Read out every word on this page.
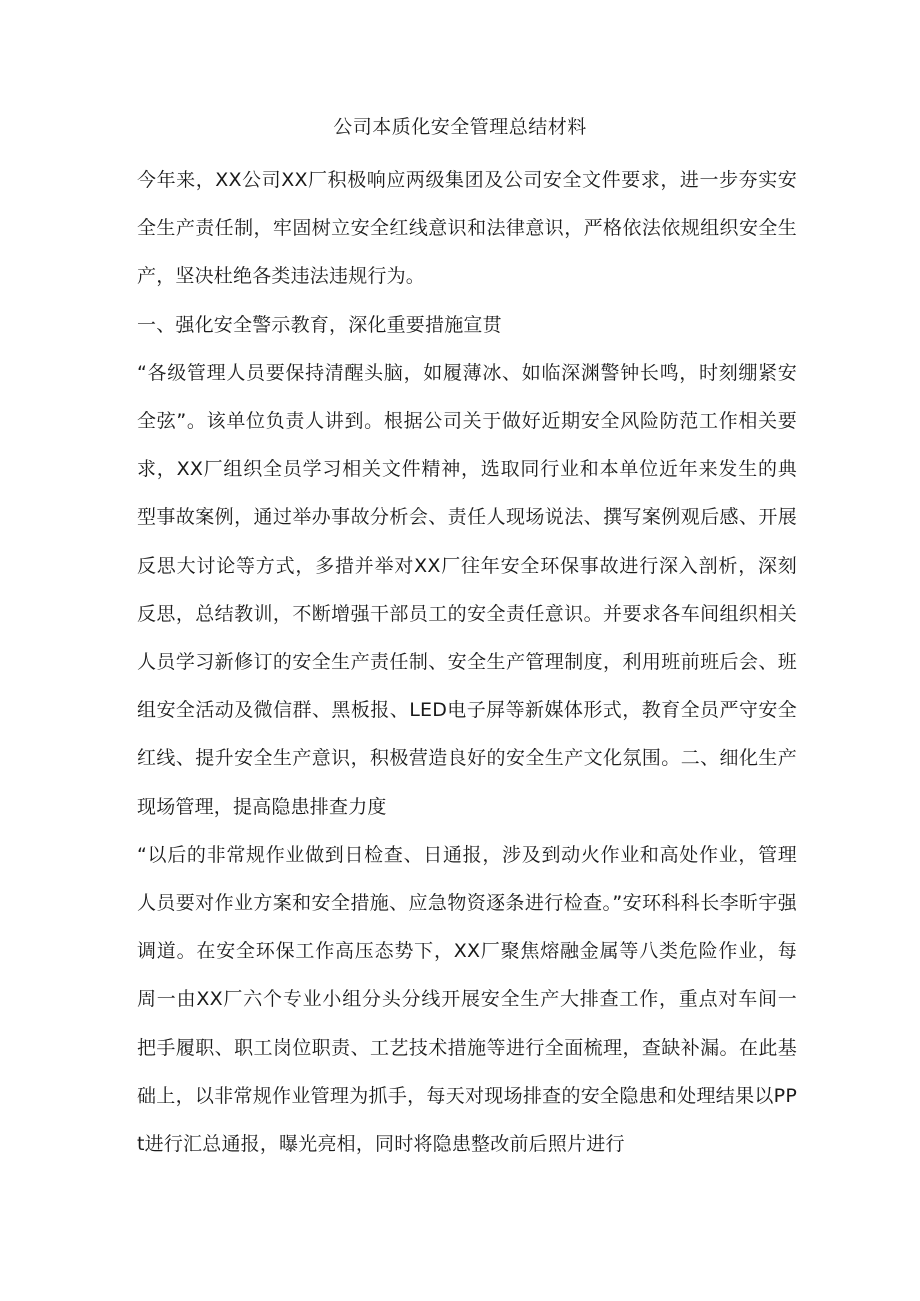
公司本质化安全管理总结材料

今年来，XX公司XX厂积极响应两级集团及公司安全文件要求，进一步夯实安全生产责任制，牢固树立安全红线意识和法律意识，严格依法依规组织安全生产，坚决杜绝各类违法违规行为。

一、强化安全警示教育，深化重要措施宣贯

“各级管理人员要保持清醒头脑，如履薄冰、如临深渊警钟长鸣，时刻绷紧安全弦”。该单位负责人讲到。根据公司关于做好近期安全风险防范工作相关要求，XX厂组织全员学习相关文件精神，选取同行业和本单位近年来发生的典型事故案例，通过举办事故分析会、责任人现场说法、撰写案例观后感、开展反思大讨论等方式，多措并举对XX厂往年安全环保事故进行深入剖析，深刻反思，总结教训，不断增强干部员工的安全责任意识。并要求各车间组织相关人员学习新修订的安全生产责任制、安全生产管理制度，利用班前班后会、班组安全活动及微信群、黑板报、LED电子屏等新媒体形式，教育全员严守安全红线、提升安全生产意识，积极营造良好的安全生产文化氛围。二、细化生产现场管理，提高隐患排查力度

“以后的非常规作业做到日检查、日通报，涉及到动火作业和高处作业，管理人员要对作业方案和安全措施、应急物资逐条进行检查。”安环科科长李昕宇强调道。在安全环保工作高压态势下，XX厂聚焦熔融金属等八类危险作业，每周一由XX厂六个专业小组分头分线开展安全生产大排查工作，重点对车间一把手履职、职工岗位职责、工艺技术措施等进行全面梳理，查缺补漏。在此基础上，以非常规作业管理为抓手，每天对现场排查的安全隐患和处理结果以PPt进行汇总通报，曝光亮相，同时将隐患整改前后照片进行
